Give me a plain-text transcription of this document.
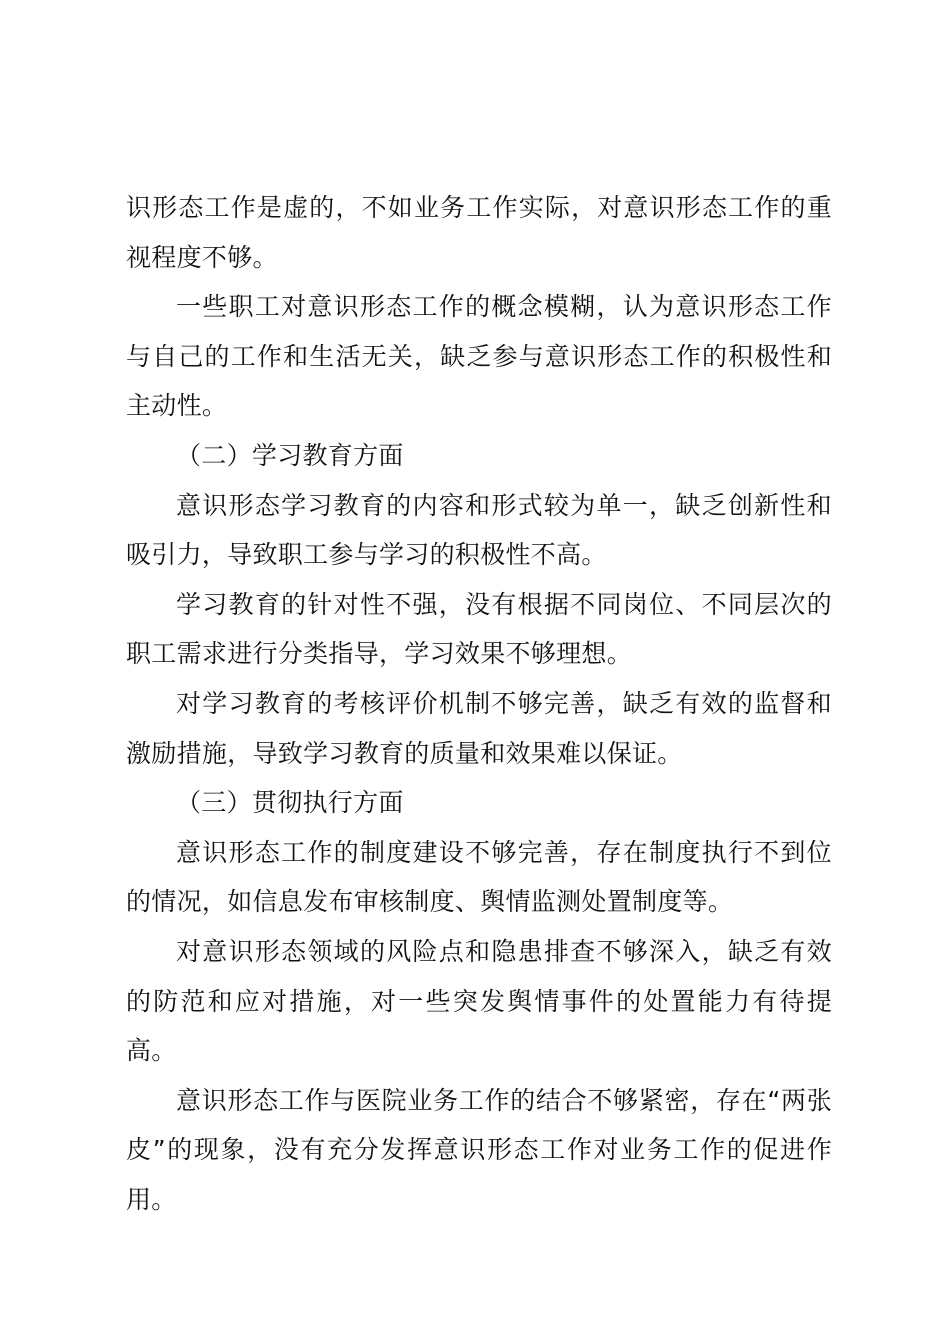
识形态工作是虚的，不如业务工作实际，对意识形态工作的重视程度不够。

一些职工对意识形态工作的概念模糊，认为意识形态工作与自己的工作和生活无关，缺乏参与意识形态工作的积极性和主动性。

（二）学习教育方面

意识形态学习教育的内容和形式较为单一，缺乏创新性和吸引力，导致职工参与学习的积极性不高。

学习教育的针对性不强，没有根据不同岗位、不同层次的职工需求进行分类指导，学习效果不够理想。

对学习教育的考核评价机制不够完善，缺乏有效的监督和激励措施，导致学习教育的质量和效果难以保证。

（三）贯彻执行方面

意识形态工作的制度建设不够完善，存在制度执行不到位的情况，如信息发布审核制度、舆情监测处置制度等。

对意识形态领域的风险点和隐患排查不够深入，缺乏有效的防范和应对措施，对一些突发舆情事件的处置能力有待提高。

意识形态工作与医院业务工作的结合不够紧密，存在“两张皮”的现象，没有充分发挥意识形态工作对业务工作的促进作用。
